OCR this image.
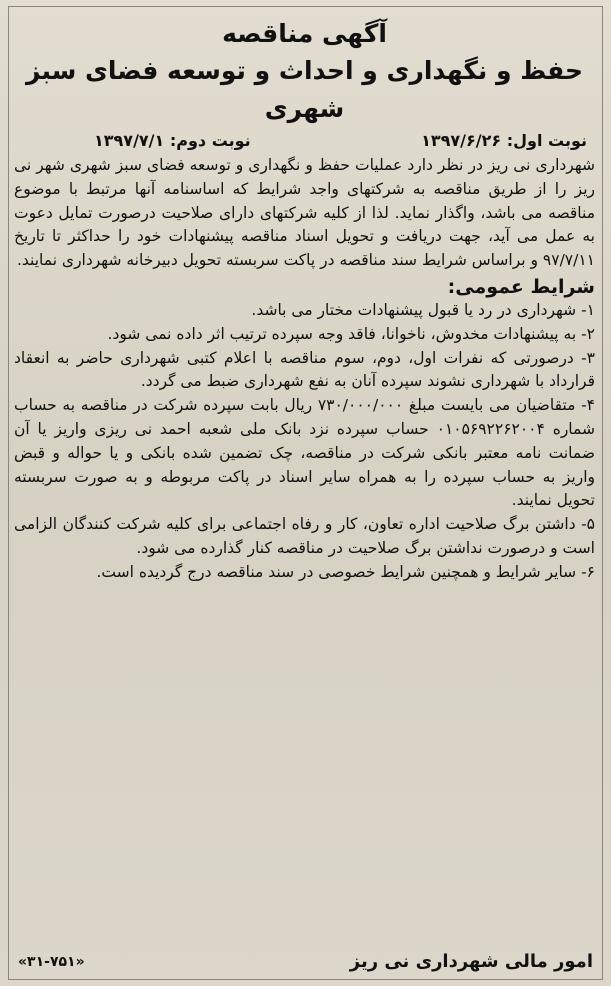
آگهی مناقصه
حفظ و نگهداری و احداث و توسعه فضای سبز شهری
نوبت اول: ۱۳۹۷/۶/۲۶
نوبت دوم: ۱۳۹۷/۷/۱

شهرداری نی ریز در نظر دارد عملیات حفظ و نگهداری و توسعه فضای سبز شهری شهر نی ریز را از طریق مناقصه به شرکتهای واجد شرایط که اساسنامه آنها مرتبط با موضوع مناقصه می باشد، واگذار نماید. لذا از کلیه شرکتهای دارای صلاحیت درصورت تمایل دعوت به عمل می آید، جهت دریافت و تحویل اسناد مناقصه پیشنهادات خود را حداکثر تا تاریخ ۹۷/۷/۱۱ و براساس شرایط سند مناقصه در پاکت سربسته تحویل دبیرخانه شهرداری نمایند.

شرایط عمومی:

۱- شهرداری در رد یا قبول پیشنهادات مختار می باشد.

۲- به پیشنهادات مخدوش، ناخوانا، فاقد وجه سپرده ترتیب اثر داده نمی شود.

۳- درصورتی که نفرات اول، دوم، سوم مناقصه با اعلام کتبی شهرداری حاضر به انعقاد قرارداد با شهرداری نشوند سپرده آنان به نفع شهرداری ضبط می گردد.

۴- متقاضیان می بایست مبلغ ۷۳۰/۰۰۰/۰۰۰ ریال بابت سپرده شرکت در مناقصه به حساب شماره ۰۱۰۵۶۹۲۲۶۲۰۰۴ حساب سپرده نزد بانک ملی شعبه احمد نی ریزی واریز یا آن ضمانت نامه معتبر بانکی شرکت در مناقصه، چک تضمین شده بانکی و یا حواله و قبض واریز به حساب سپرده را به همراه سایر اسناد در پاکت مربوطه و به صورت سربسته تحویل نمایند.

۵- داشتن برگ صلاحیت اداره تعاون، کار و رفاه اجتماعی برای کلیه شرکت کنندگان الزامی است و درصورت نداشتن برگ صلاحیت در مناقصه کنار گذارده می شود.

۶- سایر شرایط و همچنین شرایط خصوصی در سند مناقصه درج گردیده است.

امور مالی شهرداری نی ریز
«۳۱-۷۵۱»
